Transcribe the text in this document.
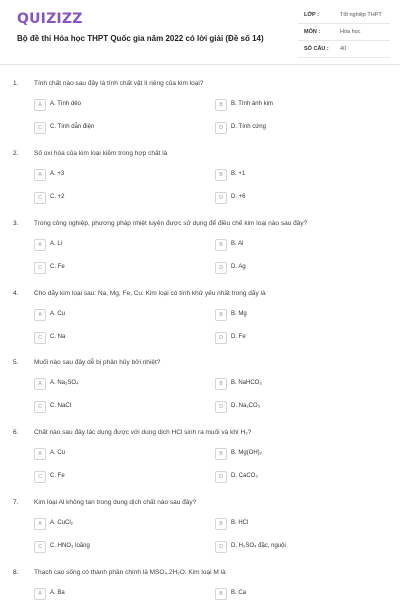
QUIZIZZ
Bộ đề thi Hóa học THPT Quốc gia năm 2022 có lời giải (Đề số 14)
LỚP :	Tốt nghiệp THPT
MÔN :	Hóa học
SỐ CÂU : 40
1. Tính chất nào sau đây là tính chất vật lí riêng của kim loại?
A	A. Tính dẻo	B	B. Tính ánh kim
C	C. Tính dẫn điện	D	D. Tính cứng
2. Số oxi hóa của kim loại kiềm trong hợp chất là
A	A. +3	B	B. +1
C	C. +2	D	D. +6
3. Trong công nghiệp, phương pháp nhiệt luyện được sử dụng để điều chế kim loại nào sau đây?
A	A. Li	B	B. Al
C	C. Fe	D	D. Ag
4. Cho dãy kim loại sau: Na, Mg, Fe, Cu. Kim loại có tính khử yếu nhất trong dãy là
A	A. Cu	B	B. Mg
C	C. Na	D	D. Fe
5. Muối nào sau đây dễ bị phân hủy bởi nhiệt?
A	A. Na₂SO₄	B	B. NaHCO₃
C	C. NaCl	D	D. Na₂CO₃
6. Chất nào sau đây tác dụng được với dung dịch HCl sinh ra muối và khí H₂?
A	A. Cu	B	B. Mg(OH)₂
C	C. Fe	D	D. CaCO₃
7. Kim loại Al không tan trong dung dịch chất nào sau đây?
A	A. CuCl₂	B	B. HCl
C	C. HNO₃ loãng	D	D. H₂SO₄ đặc, nguội
8. Thạch cao sống có thành phần chính là MSO₄.2H₂O. Kim loại M là
A	A. Ba	B	B. Ca
